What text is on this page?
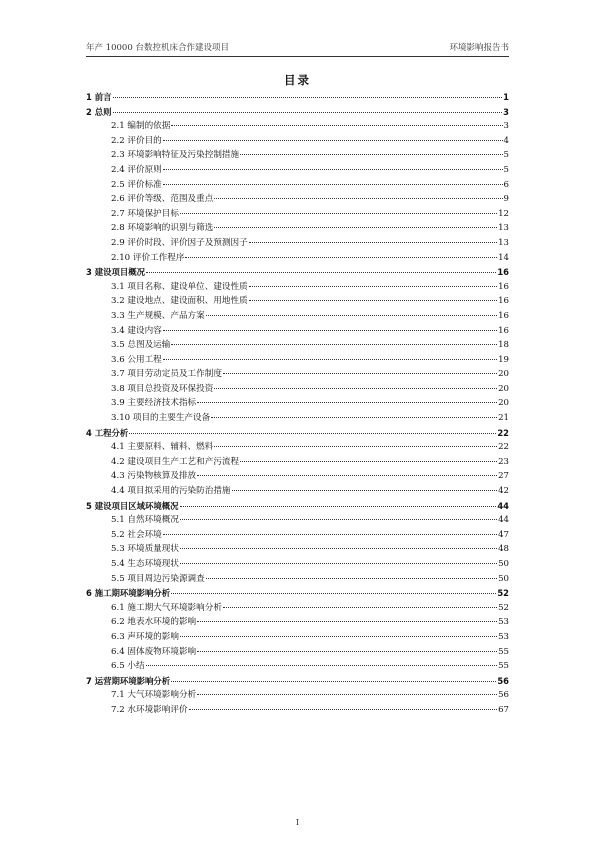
年产 10000 台数控机床合作建设项目	环境影响报告书
目录
1 前言	1
2 总则	3
2.1 编制的依据	3
2.2 评价目的	4
2.3 环境影响特征及污染控制措施	5
2.4 评价原则	5
2.5 评价标准	6
2.6 评价等级、范围及重点	9
2.7 环境保护目标	12
2.8 环境影响的识别与筛选	13
2.9 评价时段、评价因子及预测因子	13
2.10 评价工作程序	14
3 建设项目概况	16
3.1 项目名称、建设单位、建设性质	16
3.2 建设地点、建设面积、用地性质	16
3.3 生产规模、产品方案	16
3.4 建设内容	16
3.5 总图及运输	18
3.6 公用工程	19
3.7 项目劳动定员及工作制度	20
3.8 项目总投资及环保投资	20
3.9 主要经济技术指标	20
3.10 项目的主要生产设备	21
4 工程分析	22
4.1 主要原料、辅料、燃料	22
4.2 建设项目生产工艺和产污流程	23
4.3 污染物核算及排放	27
4.4 项目拟采用的污染防治措施	42
5 建设项目区域环境概况	44
5.1 自然环境概况	44
5.2 社会环境	47
5.3 环境质量现状	48
5.4 生态环境现状	50
5.5 项目周边污染源调查	50
6 施工期环境影响分析	52
6.1 施工期大气环境影响分析	52
6.2 地表水环境的影响	53
6.3 声环境的影响	53
6.4 固体废物环境影响	55
6.5 小结	55
7 运营期环境影响分析	56
7.1 大气环境影响分析	56
7.2 水环境影响评价	67
I
